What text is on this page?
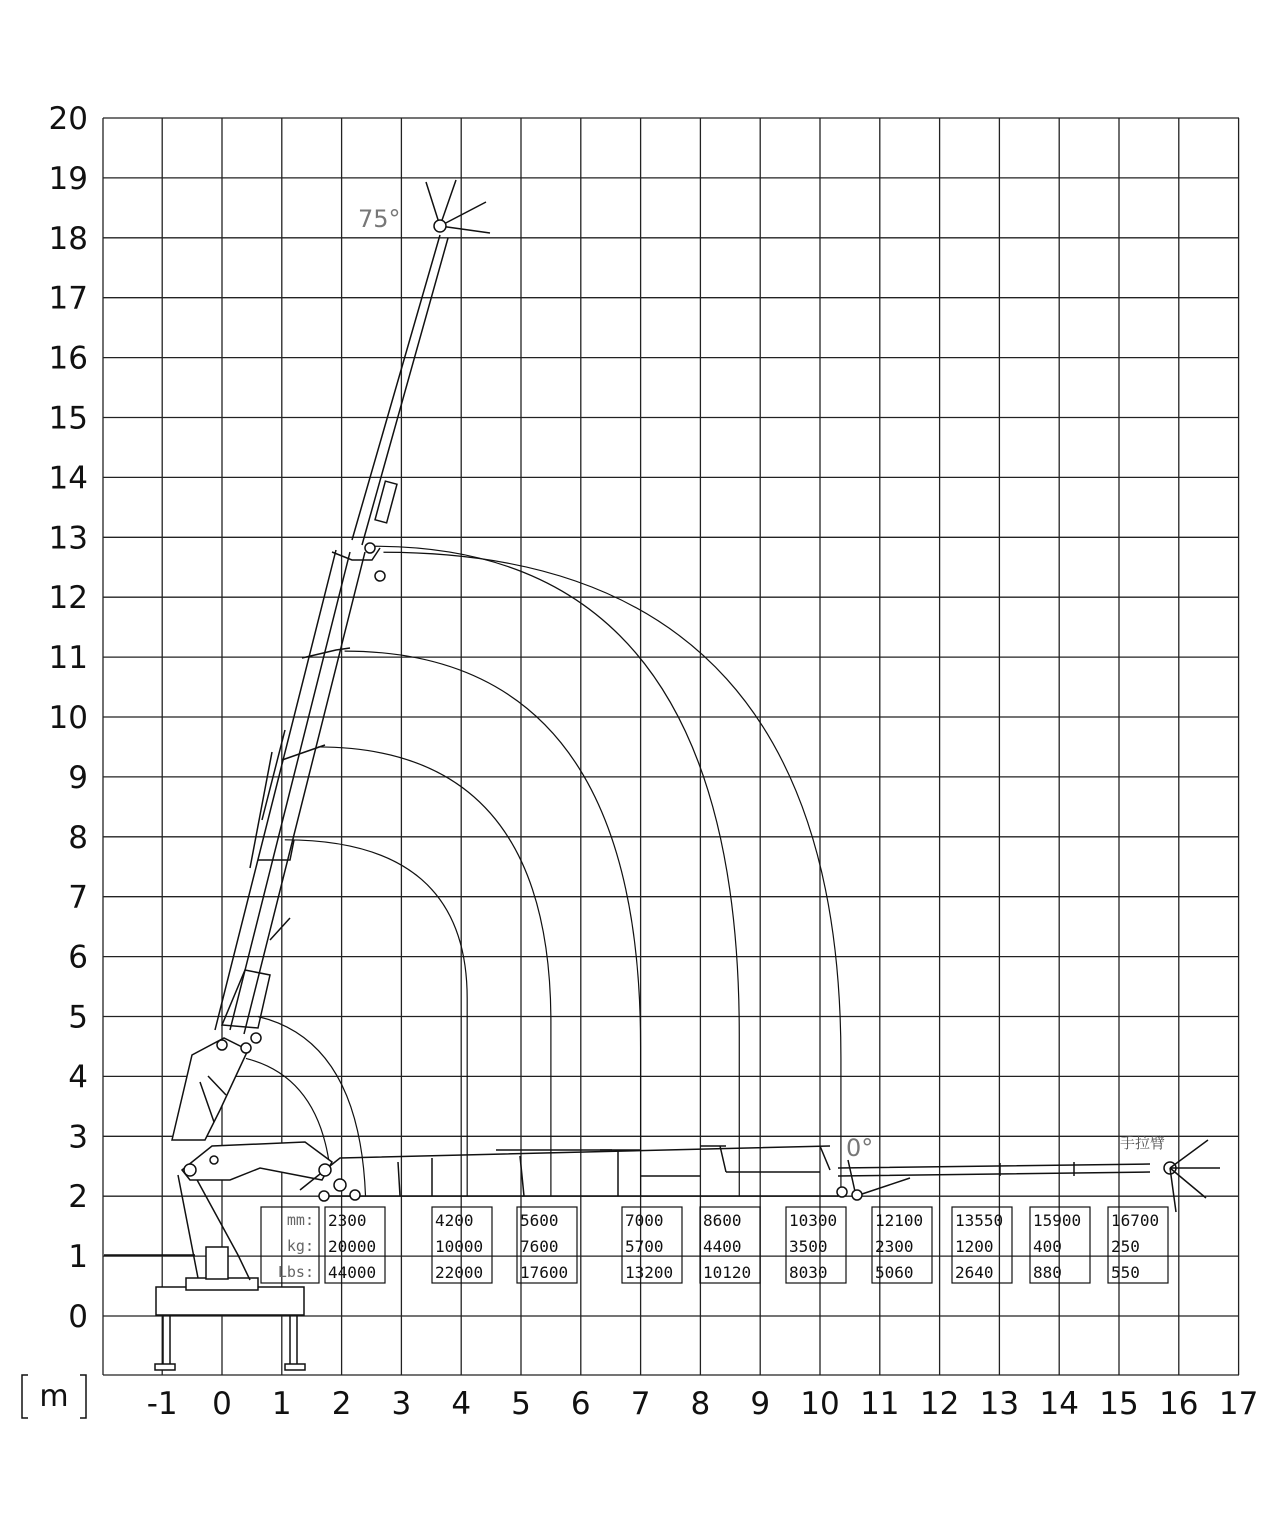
75°
0°	手拉臂
0
1
2
3
4
5
6
7
8
9
10
11
12
13
14
15
16
17
18
19
20
-1 0 1 2 3 4 5 6 7 8 9 10 11 12 13 14 15 16 17
m
mm:
kg:
Lbs:
2300
20000
44000
4200
10000
22000
5600
7600
17600
7000
5700
13200
8600
4400
10120
10300
3500
8030
12100
2300
5060
13550
1200
2640
15900
400
880
16700
250
550
